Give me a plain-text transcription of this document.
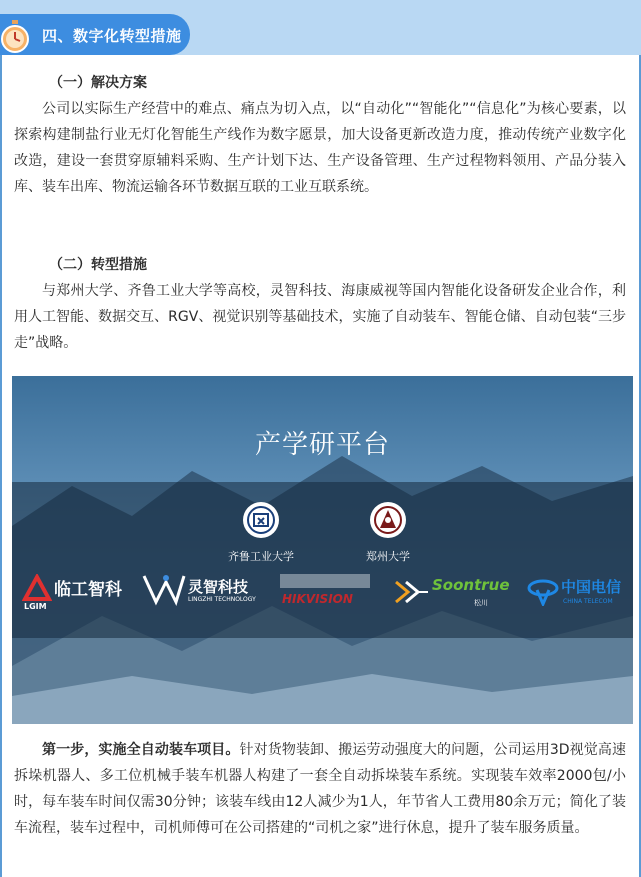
四、数字化转型措施
（一）解决方案
公司以实际生产经营中的难点、痛点为切入点，以“自动化”“智能化”“信息化”为核心要素，以探索构建制盐行业无灯化智能生产线作为数字愿景，加大设备更新改造力度，推动传统产业数字化改造，建设一套贯穿原辅料采购、生产计划下达、生产设备管理、生产过程物料领用、产品分装入库、装车出库、物流运输各环节数据互联的工业互联系统。
（二）转型措施
与郑州大学、齐鲁工业大学等高校，灵智科技、海康威视等国内智能化设备研发企业合作，利用人工智能、数据交互、RGV、视觉识别等基础技术，实施了自动装车、智能仓储、自动包装“三步走”战略。
产学研平台
齐鲁工业大学	郑州大学
临工智科
LGIM
灵智科技
LINGZHI TECHNOLOGY HIKVISION
Soontrue
松川
中国电信
CHINA TELECOM
第一步，实施全自动装车项目。针对货物装卸、搬运劳动强度大的问题，公司运用3D视觉高速拆垛机器人、多工位机械手装车机器人构建了一套全自动拆垛装车系统。实现装车效率2000包/小时，每车装车时间仅需30分钟；该装车线由12人减少为1人，年节省人工费用80余万元；简化了装车流程，装车过程中，司机师傅可在公司搭建的“司机之家”进行休息，提升了装车服务质量。
